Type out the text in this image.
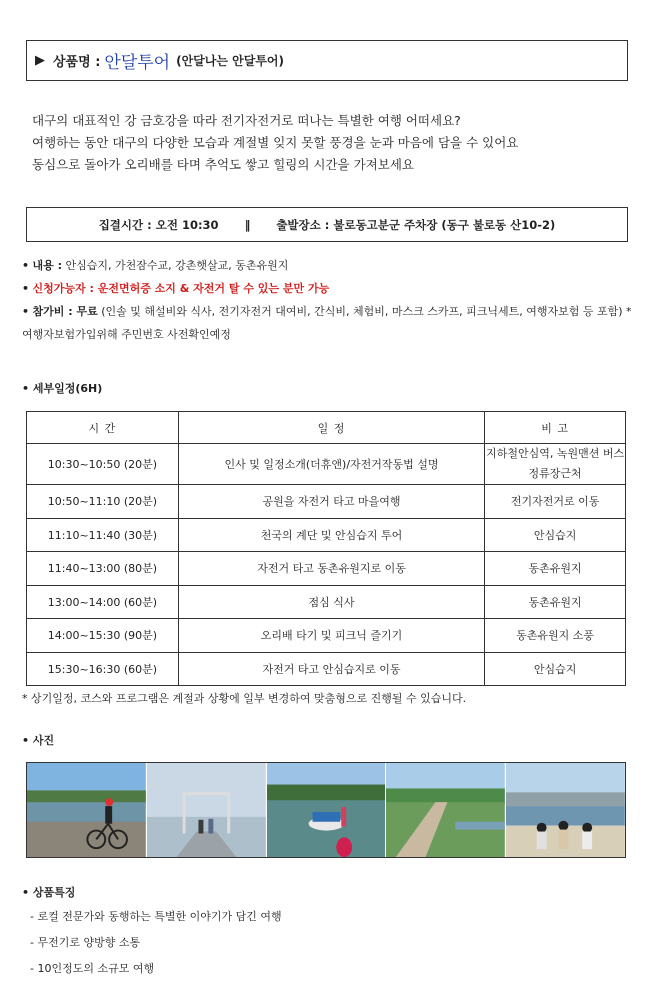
▶ 상품명 : 안달투어 (안달나는 안달투어)
대구의 대표적인 강 금호강을 따라 전기자전거로 떠나는 특별한 여행 어떠세요?
여행하는 동안 대구의 다양한 모습과 계절별 잊지 못할 풍경을 눈과 마음에 담을 수 있어요
동심으로 돌아가 오리배를 타며 추억도 쌓고 힐링의 시간을 가져보세요
집결시간 : 오전 10:30 ‖ 출발장소 : 불로동고분군 주차장 (동구 불로동 산10-2)
• 내용 : 안심습지, 가천잠수교, 강촌햇살교, 동촌유원지
• 신청가능자 : 운전면허증 소지 & 자전거 탈 수 있는 분만 가능
• 참가비 : 무료 (인솔 및 해설비와 식사, 전기자전거 대여비, 간식비, 체험비, 마스크 스카프, 피크닉세트, 여행자보험 등 포함) *여행자보험가입위해 주민번호 사전확인예정
• 세부일정(6H)
시 간	일 정	비 고
10:30~10:50 (20분)	인사 및 일정소개(더휴앤)/자전거작동법 설명	지하철안심역, 녹원맨션 버스정류장근처
10:50~11:10 (20분)	공원을 자전거 타고 마을여행	전기자전거로 이동
11:10~11:40 (30분)	천국의 계단 및 안심습지 투어	안심습지
11:40~13:00 (80분)	자전거 타고 동촌유원지로 이동	동촌유원지
13:00~14:00 (60분)	점심 식사	동촌유원지
14:00~15:30 (90분)	오리배 타기 및 피크닉 즐기기	동촌유원지 소풍
15:30~16:30 (60분)	자전거 타고 안심습지로 이동	안심습지
* 상기일정, 코스와 프로그램은 계절과 상황에 일부 변경하여 맞춤형으로 진행될 수 있습니다.
• 사진
• 상품특징
- 로컬 전문가와 동행하는 특별한 이야기가 담긴 여행
- 무전기로 양방향 소통
- 10인정도의 소규모 여행
